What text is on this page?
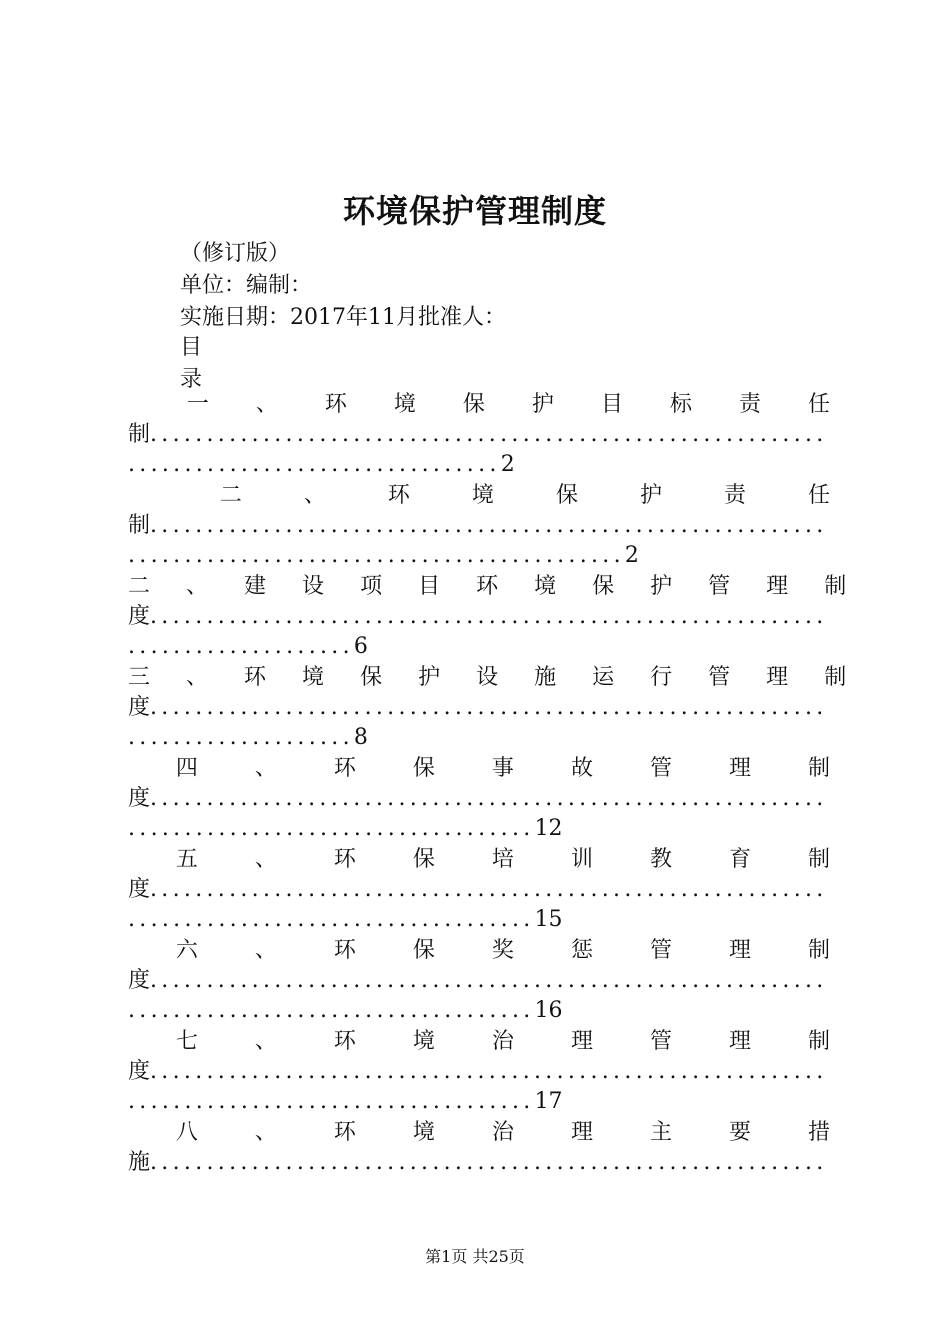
环境保护管理制度
（修订版）
单位：编制：
实施日期：2017年11月批准人：
目
录
一 、 环 境 保 护 目 标 责 任
制............................................................
.................................2
二	、	环	境	保	护	责	任
制............................................................
............................................2
二 、 建 设 项 目 环 境 保 护 管 理 制
度............................................................
....................6
三 、 环 境 保 护 设 施 运 行 管 理 制
度............................................................
....................8
四	、	环	保	事	故	管	理	制
度............................................................
....................................12
五	、	环	保	培	训	教	育	制
度............................................................
....................................15
六	、	环	保	奖	惩	管	理	制
度............................................................
....................................16
七	、	环	境	治	理	管	理	制
度............................................................
....................................17
八	、	环	境	治	理	主	要	措
施............................................................
第1页 共25页
